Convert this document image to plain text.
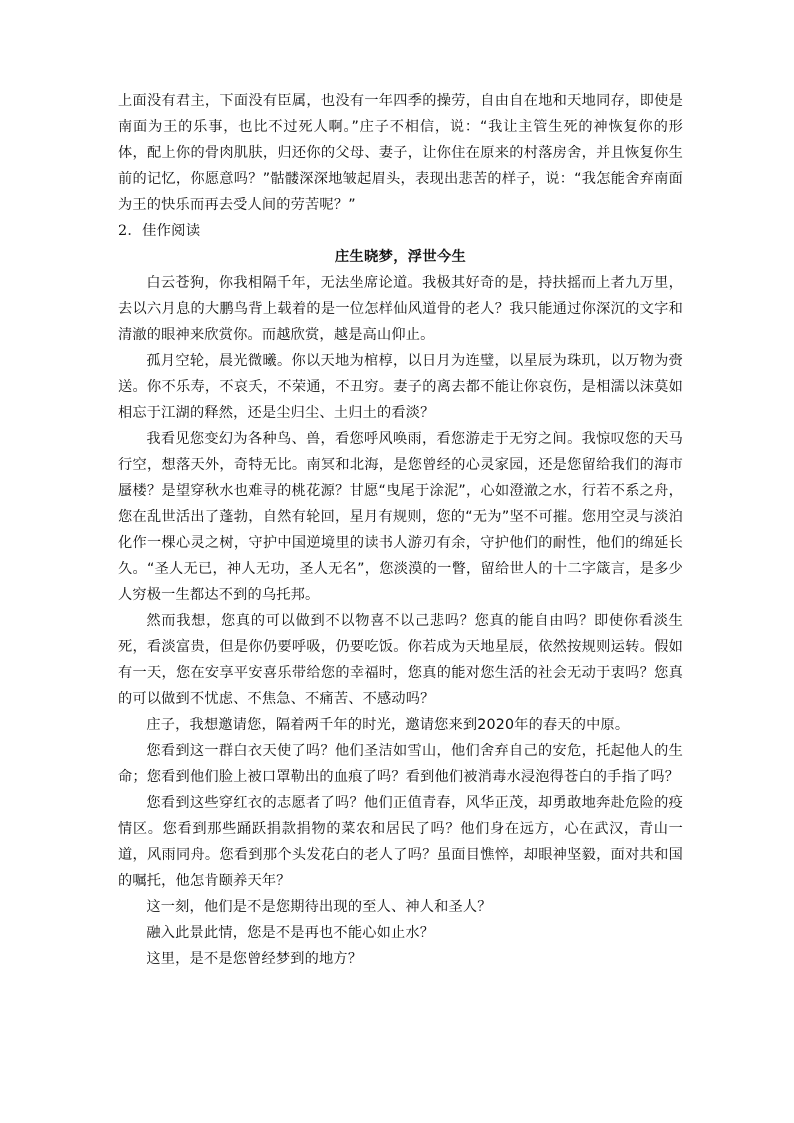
上面没有君主，下面没有臣属，也没有一年四季的操劳，自由自在地和天地同存，即使是南面为王的乐事，也比不过死人啊。”庄子不相信，说：“我让主管生死的神恢复你的形体，配上你的骨肉肌肤，归还你的父母、妻子，让你住在原来的村落房舍，并且恢复你生前的记忆，你愿意吗？”骷髅深深地皱起眉头，表现出悲苦的样子，说：“我怎能舍弃南面为王的快乐而再去受人间的劳苦呢？”

2．佳作阅读

庄生晓梦，浮世今生

白云苍狗，你我相隔千年，无法坐席论道。我极其好奇的是，持扶摇而上者九万里，去以六月息的大鹏鸟背上载着的是一位怎样仙风道骨的老人？我只能通过你深沉的文字和清澈的眼神来欣赏你。而越欣赏，越是高山仰止。

孤月空轮，晨光微曦。你以天地为棺椁，以日月为连璧，以星辰为珠玑，以万物为赍送。你不乐寿，不哀夭，不荣通，不丑穷。妻子的离去都不能让你哀伤，是相濡以沫莫如相忘于江湖的释然，还是尘归尘、土归土的看淡？

我看见您变幻为各种鸟、兽，看您呼风唤雨，看您游走于无穷之间。我惊叹您的天马行空，想落天外，奇特无比。南冥和北海，是您曾经的心灵家园，还是您留给我们的海市蜃楼？是望穿秋水也难寻的桃花源？甘愿“曳尾于涂泥”，心如澄澈之水，行若不系之舟，您在乱世活出了蓬勃，自然有轮回，星月有规则，您的“无为”坚不可摧。您用空灵与淡泊化作一棵心灵之树，守护中国逆境里的读书人游刃有余，守护他们的耐性，他们的绵延长久。“圣人无已，神人无功，圣人无名”，您淡漠的一瞥，留给世人的十二字箴言，是多少人穷极一生都达不到的乌托邦。

然而我想，您真的可以做到不以物喜不以己悲吗？您真的能自由吗？即使你看淡生死，看淡富贵，但是你仍要呼吸，仍要吃饭。你若成为天地星辰，依然按规则运转。假如有一天，您在安享平安喜乐带给您的幸福时，您真的能对您生活的社会无动于衷吗？您真的可以做到不忧虑、不焦急、不痛苦、不感动吗？

庄子，我想邀请您，隔着两千年的时光，邀请您来到2020年的春天的中原。

您看到这一群白衣天使了吗？他们圣洁如雪山，他们舍弃自己的安危，托起他人的生命；您看到他们脸上被口罩勒出的血痕了吗？看到他们被消毒水浸泡得苍白的手指了吗？

您看到这些穿红衣的志愿者了吗？他们正值青春，风华正茂，却勇敢地奔赴危险的疫情区。您看到那些踊跃捐款捐物的菜农和居民了吗？他们身在远方，心在武汉，青山一道，风雨同舟。您看到那个头发花白的老人了吗？虽面目憔悴，却眼神坚毅，面对共和国的嘱托，他怎肯颐养天年？

这一刻，他们是不是您期待出现的至人、神人和圣人？

融入此景此情，您是不是再也不能心如止水？

这里，是不是您曾经梦到的地方？
